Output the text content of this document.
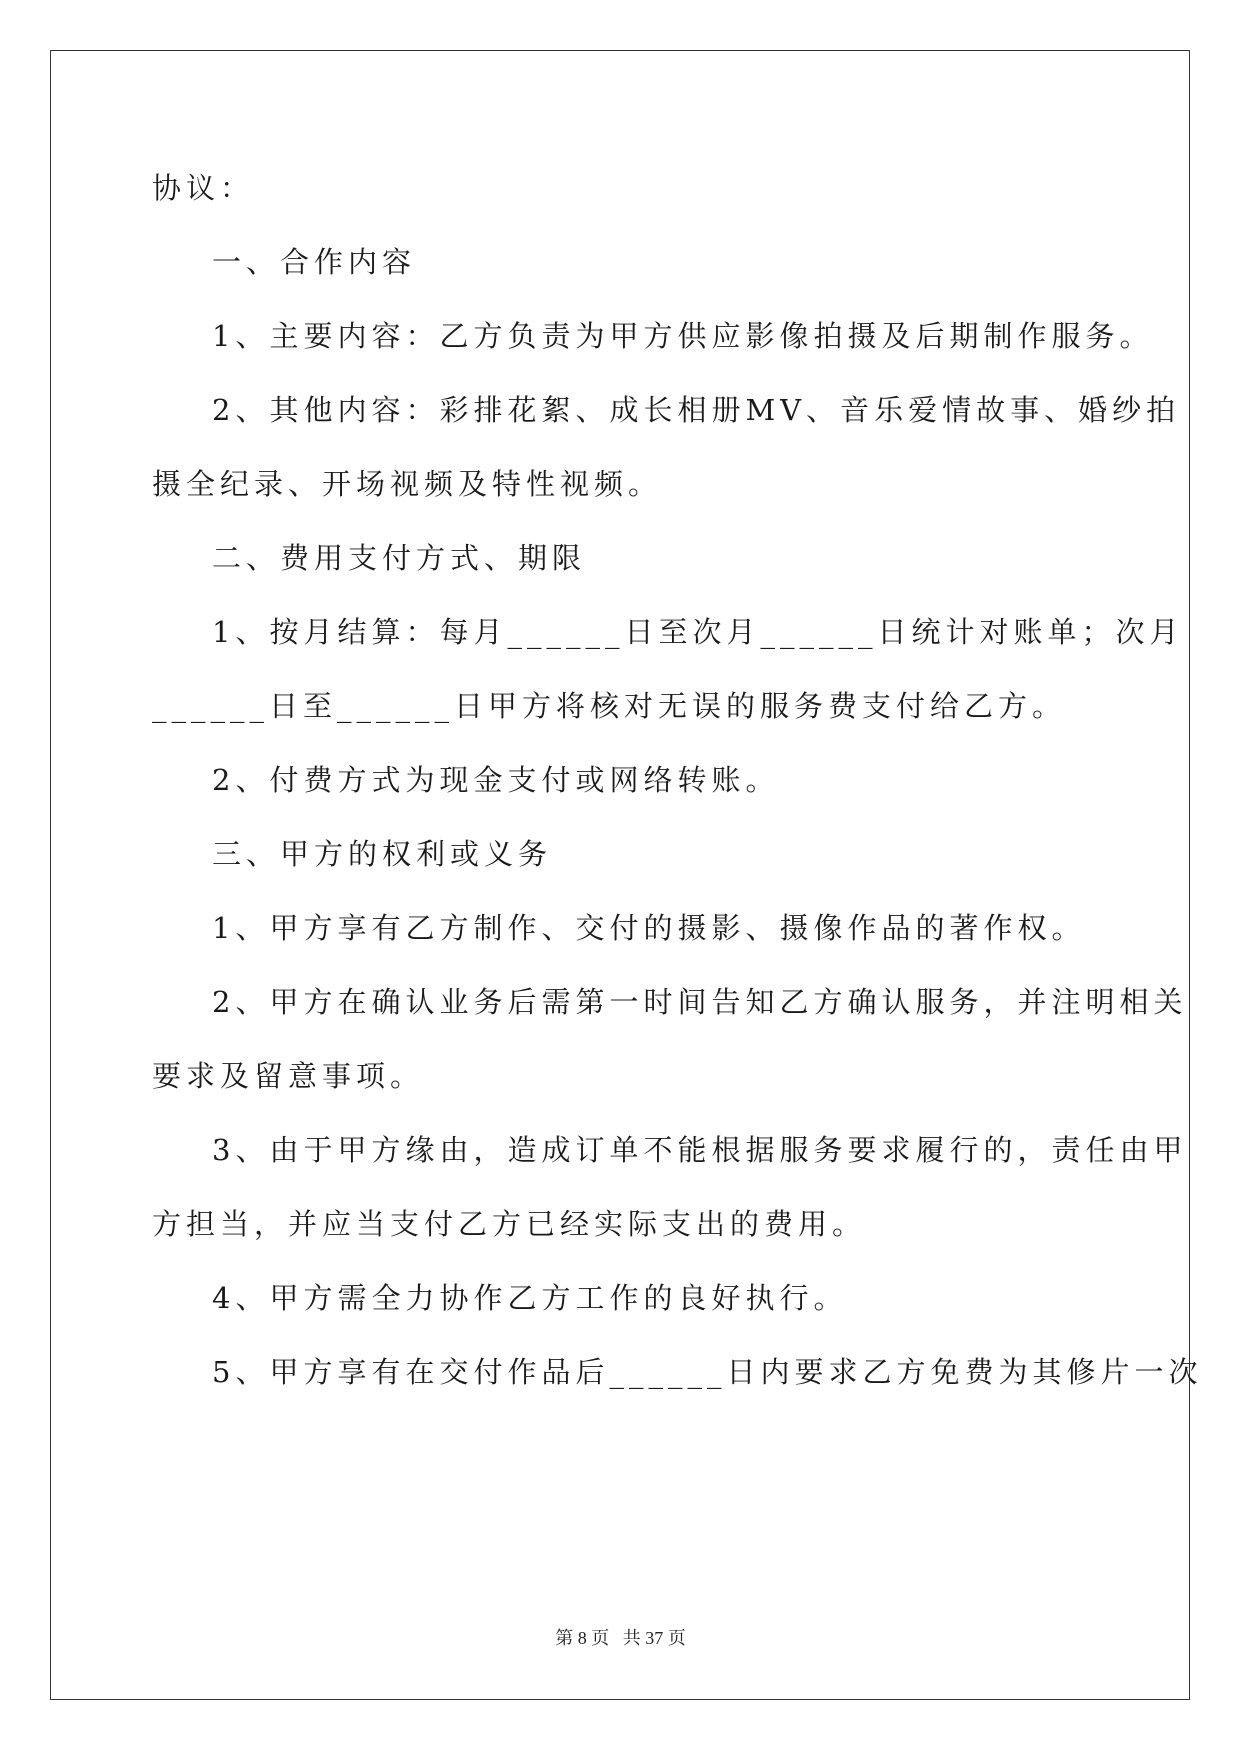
协议：
一、合作内容
1、主要内容：乙方负责为甲方供应影像拍摄及后期制作服务。
2、其他内容：彩排花絮、成长相册MV、音乐爱情故事、婚纱拍
摄全纪录、开场视频及特性视频。
二、费用支付方式、期限
1、按月结算：每月______日至次月______日统计对账单；次月
______日至______日甲方将核对无误的服务费支付给乙方。
2、付费方式为现金支付或网络转账。
三、甲方的权利或义务
1、甲方享有乙方制作、交付的摄影、摄像作品的著作权。
2、甲方在确认业务后需第一时间告知乙方确认服务，并注明相关
要求及留意事项。
3、由于甲方缘由，造成订单不能根据服务要求履行的，责任由甲
方担当，并应当支付乙方已经实际支出的费用。
4、甲方需全力协作乙方工作的良好执行。
5、甲方享有在交付作品后______日内要求乙方免费为其修片一次
第 8 页   共 37 页
